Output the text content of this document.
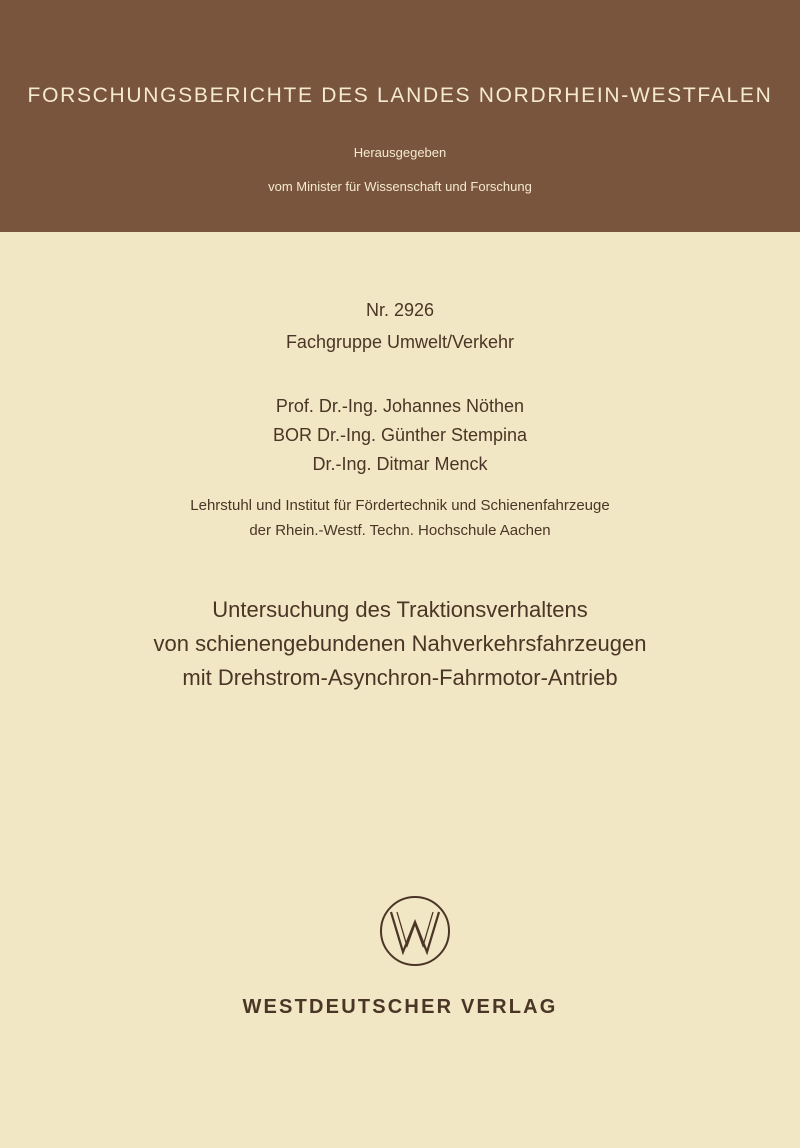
FORSCHUNGSBERICHTE DES LANDES NORDRHEIN-WESTFALEN
Herausgegeben
vom Minister für Wissenschaft und Forschung
Nr. 2926
Fachgruppe Umwelt/Verkehr
Prof. Dr.-Ing. Johannes Nöthen
BOR Dr.-Ing. Günther Stempina
Dr.-Ing. Ditmar Menck
Lehrstuhl und Institut für Fördertechnik und Schienenfahrzeuge
der Rhein.-Westf. Techn. Hochschule Aachen
Untersuchung des Traktionsverhaltens
von schienengebundenen Nahverkehrsfahrzeugen
mit Drehstrom-Asynchron-Fahrmotor-Antrieb
WESTDEUTSCHER VERLAG
